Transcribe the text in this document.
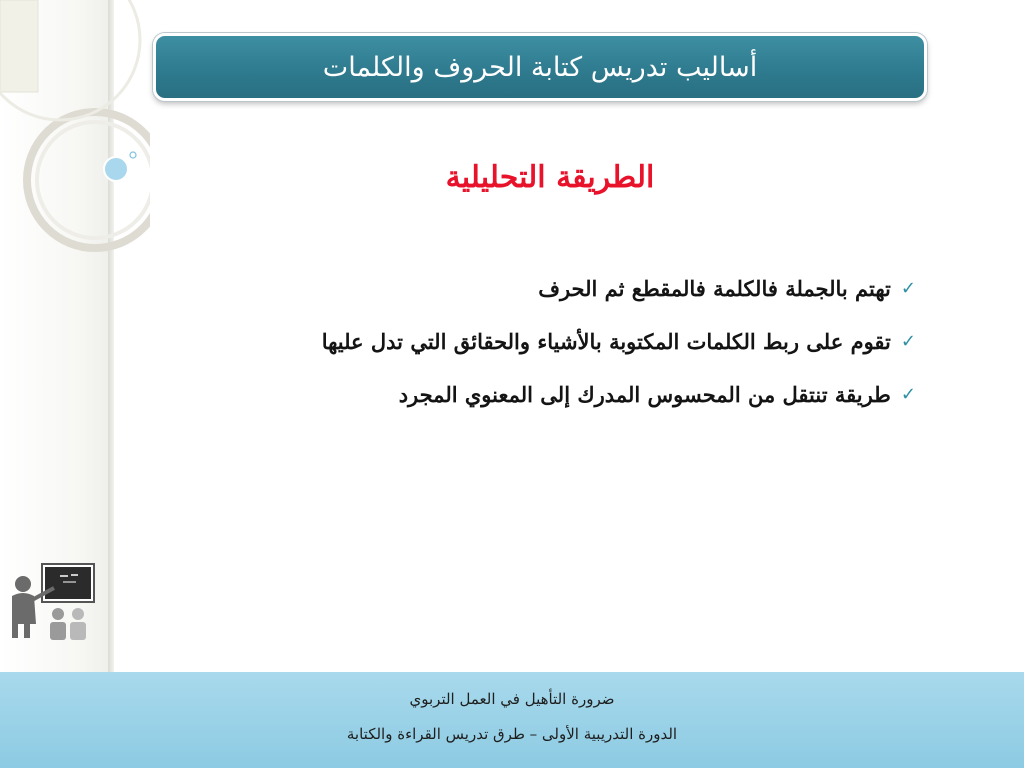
أساليب تدريس كتابة الحروف والكلمات
الطريقة التحليلية
✓
تهتم بالجملة فالكلمة فالمقطع ثم الحرف
✓
تقوم على ربط الكلمات المكتوبة بالأشياء والحقائق التي تدل عليها
✓
طريقة تنتقل من المحسوس المدرك إلى المعنوي المجرد
ضرورة التأهيل في العمل التربوي
الدورة التدريبية الأولى – طرق تدريس القراءة والكتابة
